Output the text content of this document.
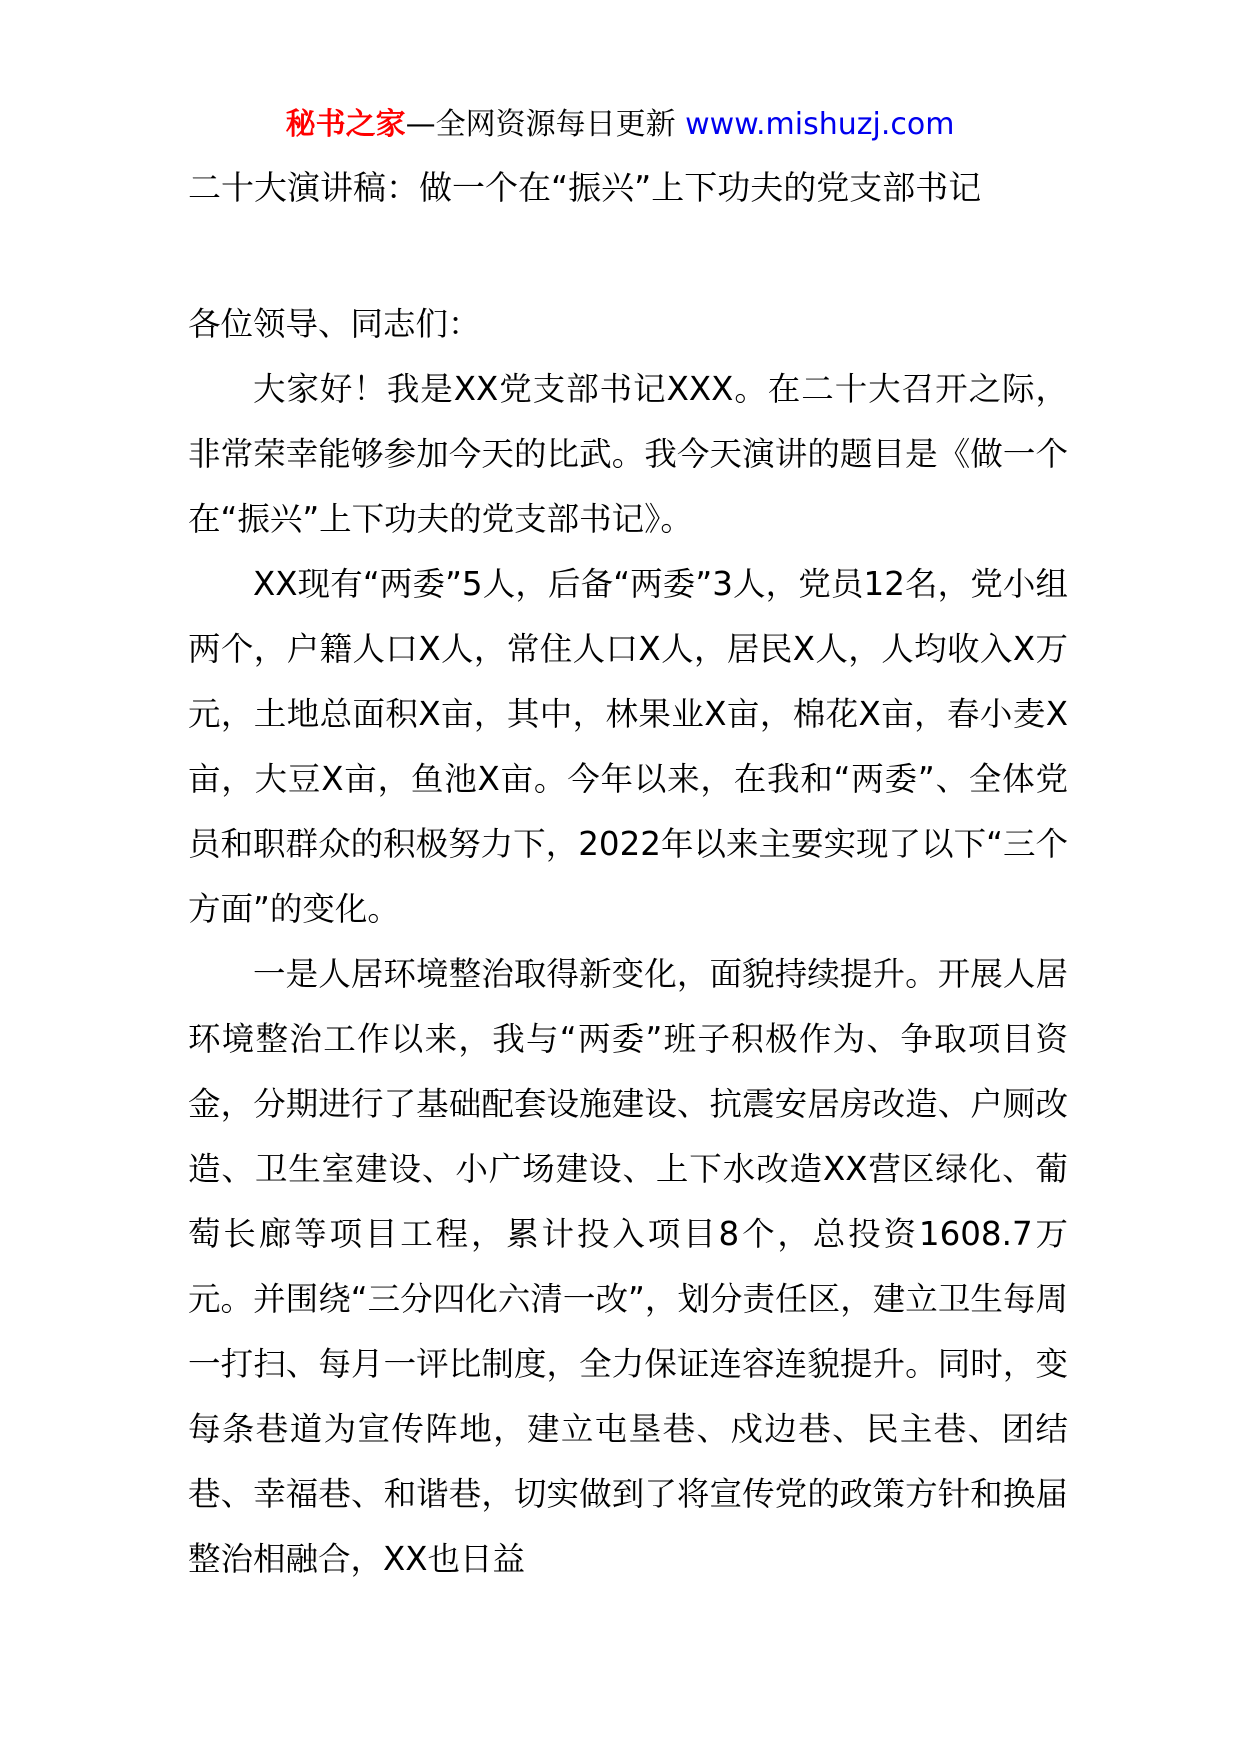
秘书之家—全网资源每日更新 www.mishuzj.com
二十大演讲稿：做一个在“振兴”上下功夫的党支部书记

各位领导、同志们：

大家好！我是XX党支部书记XXX。在二十大召开之际，非常荣幸能够参加今天的比武。我今天演讲的题目是《做一个在“振兴”上下功夫的党支部书记》。

XX现有“两委”5人，后备“两委”3人，党员12名，党小组两个，户籍人口X人，常住人口X人，居民X人，人均收入X万元，土地总面积X亩，其中，林果业X亩，棉花X亩，春小麦X亩，大豆X亩，鱼池X亩。今年以来，在我和“两委”、全体党员和职群众的积极努力下，2022年以来主要实现了以下“三个方面”的变化。

一是人居环境整治取得新变化，面貌持续提升。开展人居环境整治工作以来，我与“两委”班子积极作为、争取项目资金，分期进行了基础配套设施建设、抗震安居房改造、户厕改造、卫生室建设、小广场建设、上下水改造XX营区绿化、葡萄长廊等项目工程，累计投入项目8个，总投资1608.7万元。并围绕“三分四化六清一改”，划分责任区，建立卫生每周一打扫、每月一评比制度，全力保证连容连貌提升。同时，变每条巷道为宣传阵地，建立屯垦巷、戍边巷、民主巷、团结巷、幸福巷、和谐巷，切实做到了将宣传党的政策方针和换届整治相融合，XX也日益
